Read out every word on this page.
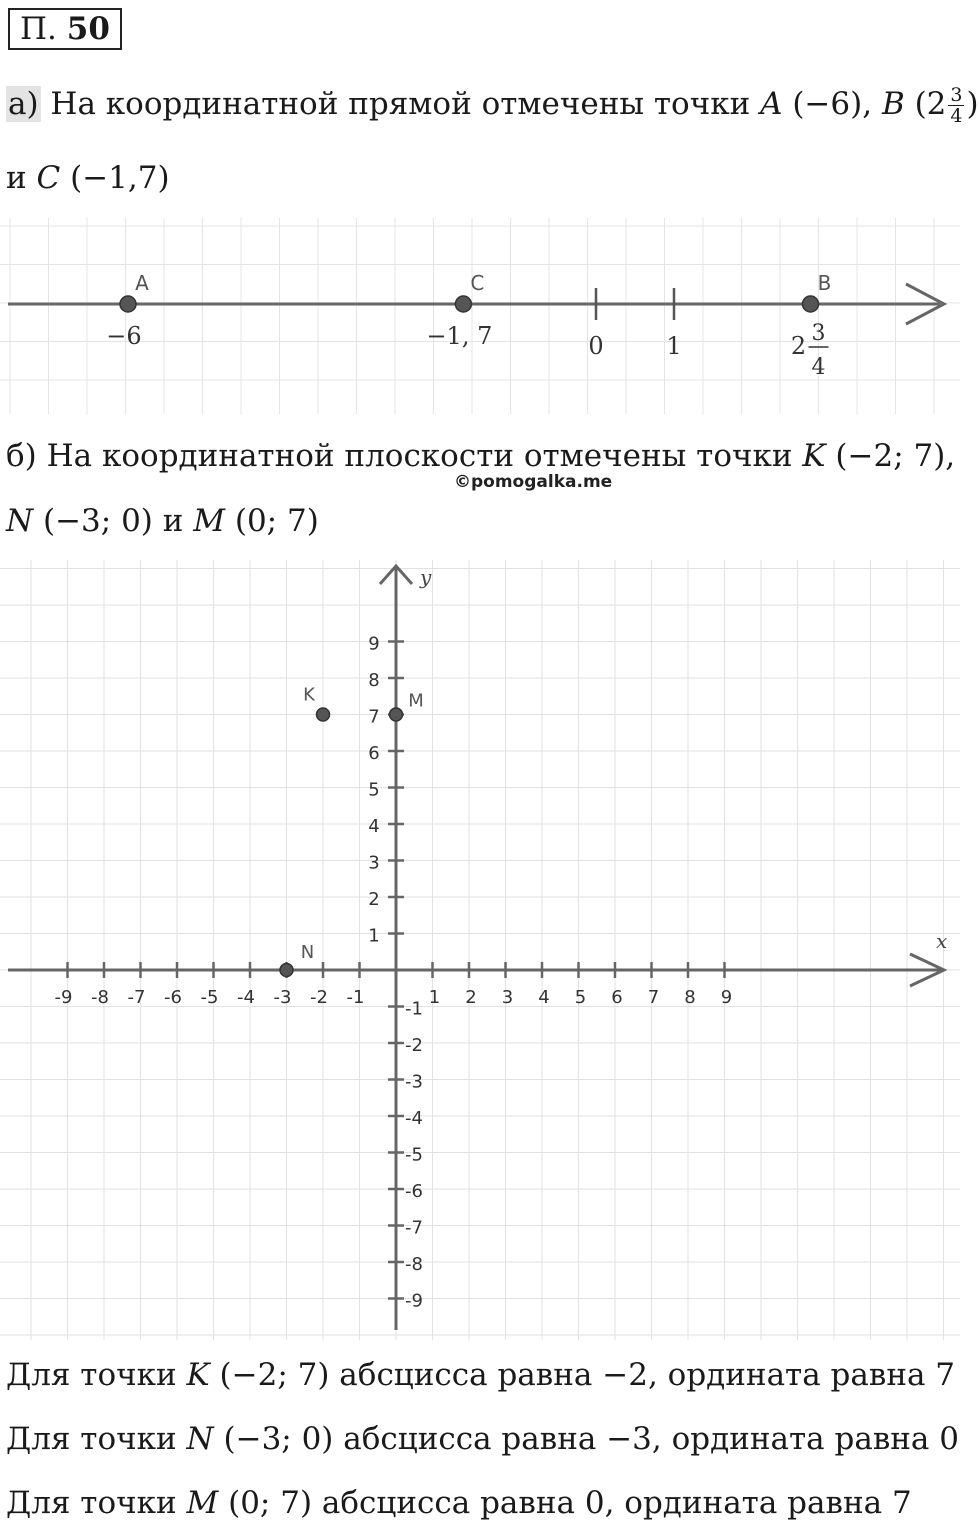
П. 50
а) На координатной прямой отмечены точки A (−6), B ($2 \frac{3}{4}$ )
и C (−1,7)
0	1
A
−6
C
−1, 7
B
2 3
4
б) На координатной плоскости отмечены точки K (−2; 7),
©pomogalka.me
N (−3; 0) и M (0; 7)
x
y
-9 -8 -7 -6 -5 -4 -3 -2 -1	1 2 3 4 5 6 7 8 9
9
8
7
6
5
4
3
2
1
-1
-2
-3
-4
-5
-6
-7
-8
-9
K	M
N
Для точки K (−2; 7) абсцисса равна −2, ордината равна 7
Для точки N (−3; 0) абсцисса равна −3, ордината равна 0
Для точки M (0; 7) абсцисса равна 0, ордината равна 7
